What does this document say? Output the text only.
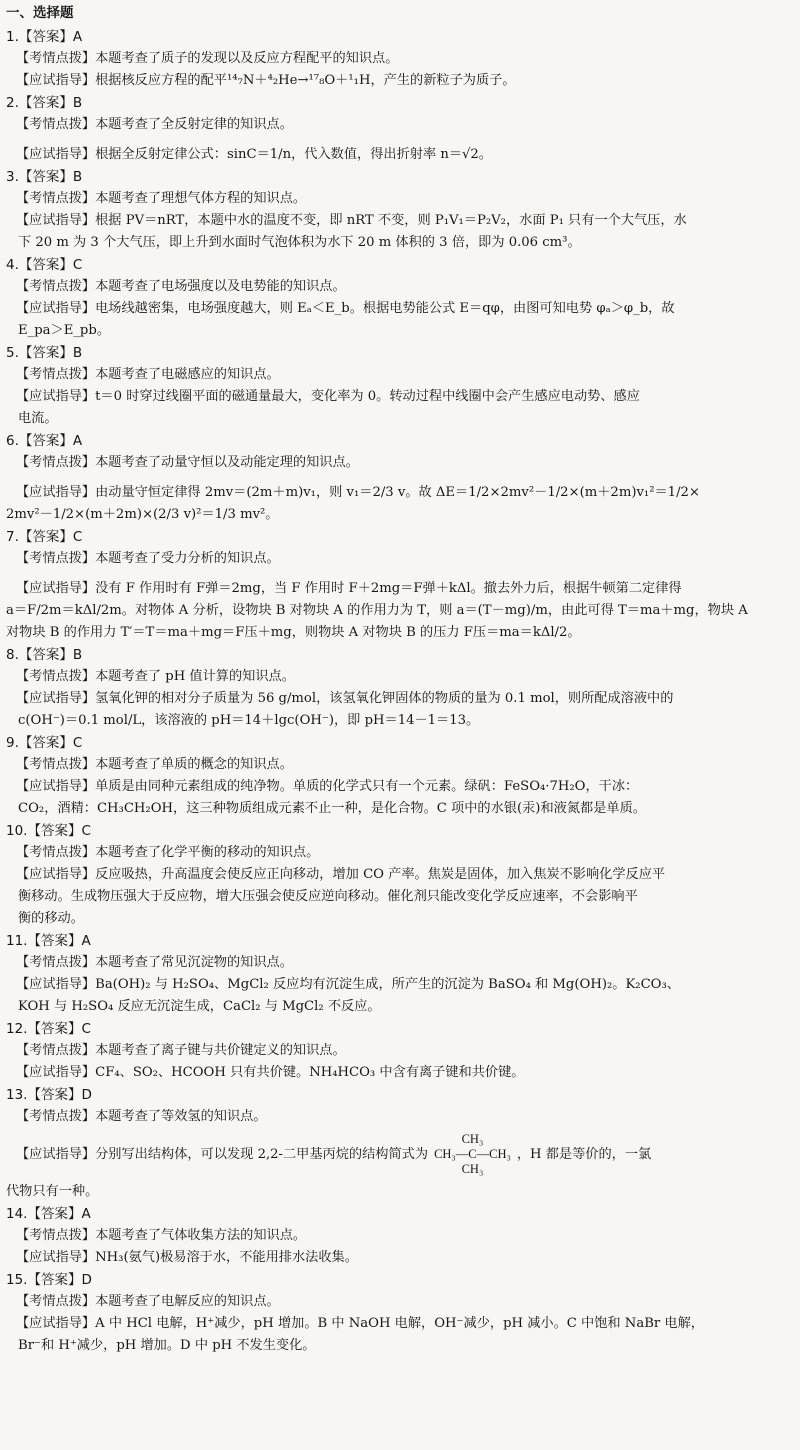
一、选择题
1.【答案】A
【考情点拨】本题考查了质子的发现以及反应方程配平的知识点。
【应试指导】根据核反应方程的配平¹⁴₇N＋⁴₂He→¹⁷₈O＋¹₁H，产生的新粒子为质子。
2.【答案】B
【考情点拨】本题考查了全反射定律的知识点。
【应试指导】根据全反射定律公式：sinC＝1/n，代入数值，得出折射率 n＝√2。
3.【答案】B
【考情点拨】本题考查了理想气体方程的知识点。
【应试指导】根据 PV＝nRT，本题中水的温度不变，即 nRT 不变，则 P₁V₁＝P₂V₂，水面 P₁ 只有一个大气压，水
下 20 m 为 3 个大气压，即上升到水面时气泡体积为水下 20 m 体积的 3 倍，即为 0.06 cm³。
4.【答案】C
【考情点拨】本题考查了电场强度以及电势能的知识点。
【应试指导】电场线越密集，电场强度越大，则 Eₐ＜E_b。根据电势能公式 E＝qφ，由图可知电势 φₐ＞φ_b，故
E_pa＞E_pb。
5.【答案】B
【考情点拨】本题考查了电磁感应的知识点。
【应试指导】t＝0 时穿过线圈平面的磁通量最大，变化率为 0。转动过程中线圈中会产生感应电动势、感应
电流。
6.【答案】A
【考情点拨】本题考查了动量守恒以及动能定理的知识点。
【应试指导】由动量守恒定律得 2mv＝(2m＋m)v₁，则 v₁＝2/3 v。故 ΔE＝1/2×2mv²－1/2×(m＋2m)v₁²＝1/2×
2mv²－1/2×(m＋2m)×(2/3 v)²＝1/3 mv²。
7.【答案】C
【考情点拨】本题考查了受力分析的知识点。
【应试指导】没有 F 作用时有 F弹＝2mg，当 F 作用时 F＋2mg＝F弹＋kΔl。撤去外力后，根据牛顿第二定律得
a＝F/2m＝kΔl/2m。对物体 A 分析，设物块 B 对物块 A 的作用力为 T，则 a＝(T－mg)/m，由此可得 T＝ma＋mg，物块 A
对物块 B 的作用力 T′＝T＝ma＋mg＝F压＋mg，则物块 A 对物块 B 的压力 F压＝ma＝kΔl/2。
8.【答案】B
【考情点拨】本题考查了 pH 值计算的知识点。
【应试指导】氢氧化钾的相对分子质量为 56 g/mol，该氢氧化钾固体的物质的量为 0.1 mol，则所配成溶液中的
c(OH⁻)＝0.1 mol/L，该溶液的 pH＝14＋lgc(OH⁻)，即 pH＝14－1＝13。
9.【答案】C
【考情点拨】本题考查了单质的概念的知识点。
【应试指导】单质是由同种元素组成的纯净物。单质的化学式只有一个元素。绿矾：FeSO₄·7H₂O，干冰：
CO₂，酒精：CH₃CH₂OH，这三种物质组成元素不止一种，是化合物。C 项中的水银(汞)和液氮都是单质。
10.【答案】C
【考情点拨】本题考查了化学平衡的移动的知识点。
【应试指导】反应吸热，升高温度会使反应正向移动，增加 CO 产率。焦炭是固体，加入焦炭不影响化学反应平
衡移动。生成物压强大于反应物，增大压强会使反应逆向移动。催化剂只能改变化学反应速率，不会影响平
衡的移动。
11.【答案】A
【考情点拨】本题考查了常见沉淀物的知识点。
【应试指导】Ba(OH)₂ 与 H₂SO₄、MgCl₂ 反应均有沉淀生成，所产生的沉淀为 BaSO₄ 和 Mg(OH)₂。K₂CO₃、
KOH 与 H₂SO₄ 反应无沉淀生成，CaCl₂ 与 MgCl₂ 不反应。
12.【答案】C
【考情点拨】本题考查了离子键与共价键定义的知识点。
【应试指导】CF₄、SO₂、HCOOH 只有共价键。NH₄HCO₃ 中含有离子键和共价键。
13.【答案】D
【考情点拨】本题考查了等效氢的知识点。
【应试指导】分别写出结构体，可以发现 2,2-二甲基丙烷的结构简式为
CH₃
CH₃—C—CH₃
CH₃
，H 都是等价的，一氯
代物只有一种。
14.【答案】A
【考情点拨】本题考查了气体收集方法的知识点。
【应试指导】NH₃(氨气)极易溶于水，不能用排水法收集。
15.【答案】D
【考情点拨】本题考查了电解反应的知识点。
【应试指导】A 中 HCl 电解，H⁺减少，pH 增加。B 中 NaOH 电解，OH⁻减少，pH 减小。C 中饱和 NaBr 电解，
Br⁻和 H⁺减少，pH 增加。D 中 pH 不发生变化。
